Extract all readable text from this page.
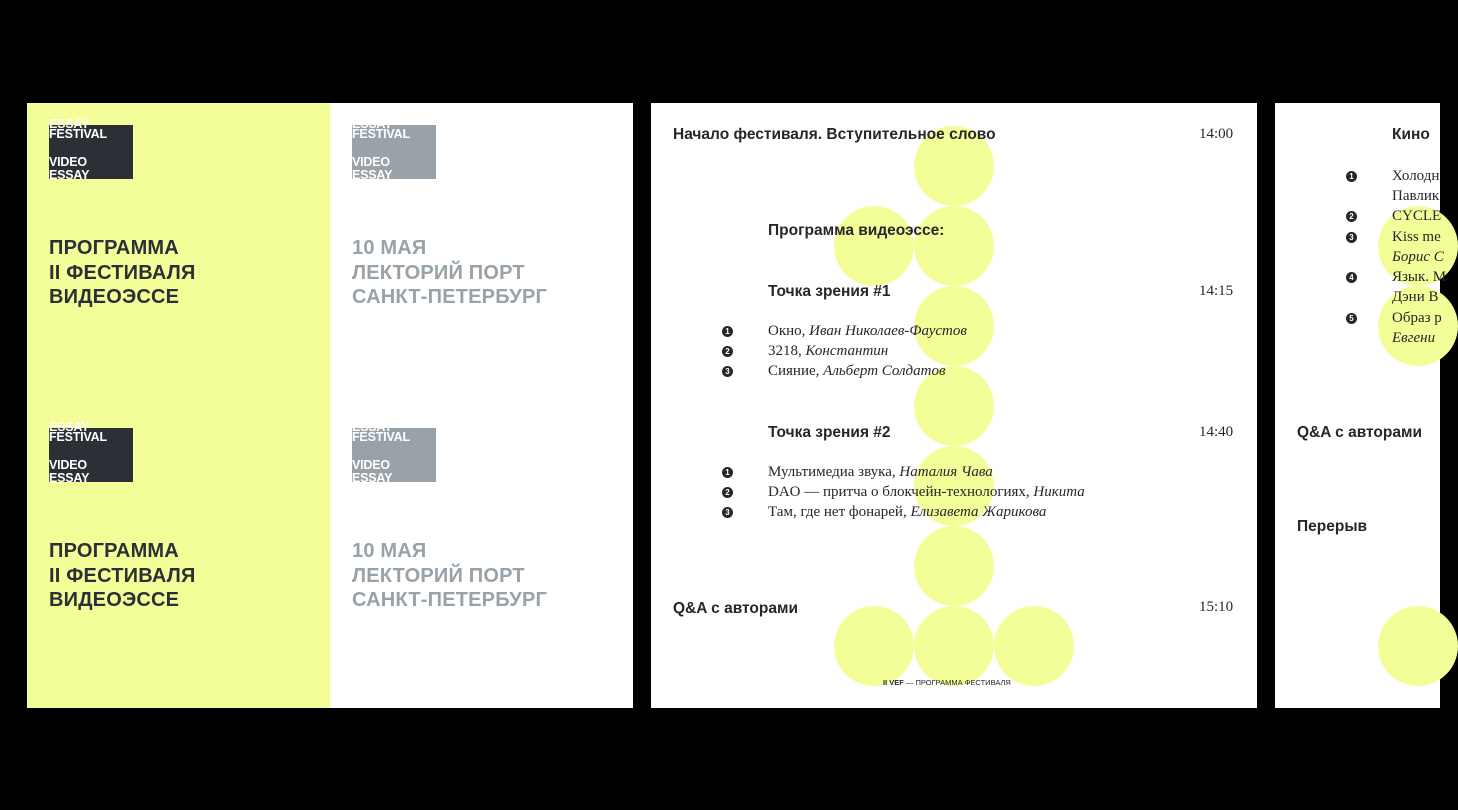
ESSAY
FESTIVAL
VIDEO
ESSAY
ESSAY
FESTIVAL
VIDEO
ESSAY
ПРОГРАММА
II ФЕСТИВАЛЯ
ВИДЕОЭССЕ
10 МАЯ
ЛЕКТОРИЙ ПОРТ
САНКТ-ПЕТЕРБУРГ
ESSAY
FESTIVAL
VIDEO
ESSAY
ESSAY
FESTIVAL
VIDEO
ESSAY
ПРОГРАММА
II ФЕСТИВАЛЯ
ВИДЕОЭССЕ
10 МАЯ
ЛЕКТОРИЙ ПОРТ
САНКТ-ПЕТЕРБУРГ
Начало фестиваля. Вступительное слово	14:00
Программа видеоэссе:
Точка зрения #1	14:15
1	Окно, Иван Николаев-Фаустов
2	3218, Константин
3	Сияние, Альберт Солдатов
Точка зрения #2	14:40
1	Мультимедиа звука, Наталия Чава
2	DAO — притча о блокчейн-технологиях, Никита
3	Там, где нет фонарей, Елизавета Жарикова
Q&A с авторами	15:10
II VEF — ПРОГРАММА ФЕСТИВАЛЯ
Кино
1	Холодн
Павлик
2	CYCLE
3	Kiss me
Борис С
4	Язык. М
Дэни В
5	Образ р
Евгени
Q&A с авторами
Перерыв
